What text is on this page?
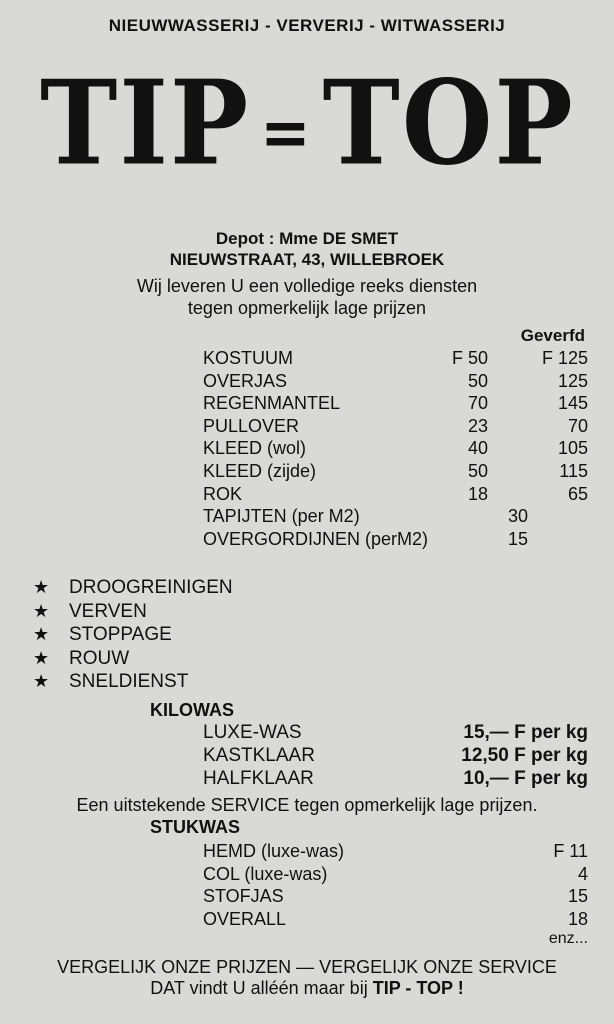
NIEUWWASSERIJ - VERVERIJ - WITWASSERIJ
TIP =TOP
Depot : Mme DE SMET
NIEUWSTRAAT, 43, WILLEBROEK
Wij leveren U een volledige reeks diensten
tegen opmerkelijk lage prijzen
Geverfd
KOSTUUM	F 50	F 125
OVERJAS	50	125
REGENMANTEL	70	145
PULLOVER	23	70
KLEED (wol)	40	105
KLEED (zijde)	50	115
ROK	18	65
TAPIJTEN (per M2)	30
OVERGORDIJNEN (perM2)	15
★ DROOGREINIGEN
★ VERVEN
★ STOPPAGE
★ ROUW
★ SNELDIENST
KILOWAS
LUXE-WAS	15,— F per kg
KASTKLAAR	12,50 F per kg
HALFKLAAR	10,— F per kg
Een uitstekende SERVICE tegen opmerkelijk lage prijzen.
STUKWAS
HEMD (luxe-was)	F 11
COL (luxe-was)	4
STOFJAS	15
OVERALL	18
enz...
VERGELIJK ONZE PRIJZEN — VERGELIJK ONZE SERVICE
DAT vindt U alléén maar bij TIP - TOP !
